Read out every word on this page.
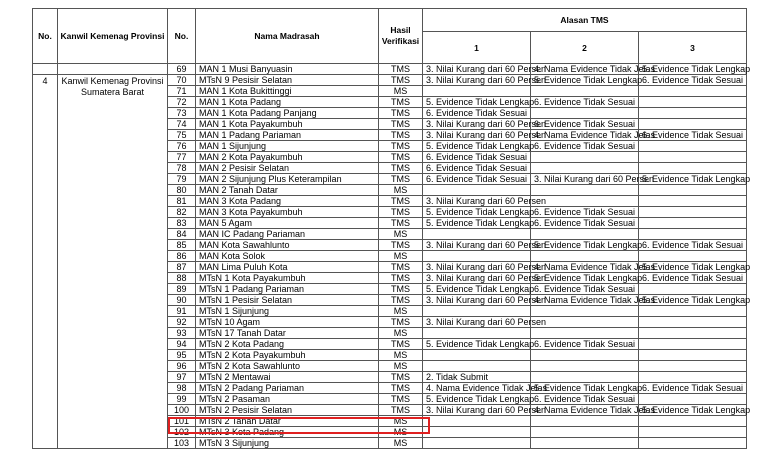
No.	Kanwil Kemenag Provinsi	No.	Nama Madrasah	Hasil Verifikasi	Alasan TMS		
					1	2	3
		69	MAN 1 Musi Banyuasin	TMS	3. Nilai Kurang dari 60 Persen	4. Nama Evidence Tidak Jelas	5. Evidence Tidak Lengkap
4	Kanwil Kemenag Provinsi Sumatera Barat	70	MTsN 9 Pesisir Selatan	TMS	3. Nilai Kurang dari 60 Persen	5. Evidence Tidak Lengkap	6. Evidence Tidak Sesuai
		71	MAN 1 Kota Bukittinggi	MS			
		72	MAN 1 Kota Padang	TMS	5. Evidence Tidak Lengkap	6. Evidence Tidak Sesuai	
		73	MAN 1 Kota Padang Panjang	TMS	6. Evidence Tidak Sesuai		
		74	MAN 1 Kota Payakumbuh	TMS	3. Nilai Kurang dari 60 Persen	6. Evidence Tidak Sesuai	
		75	MAN 1 Padang Pariaman	TMS	3. Nilai Kurang dari 60 Persen	4. Nama Evidence Tidak Jelas	6. Evidence Tidak Sesuai
		76	MAN 1 Sijunjung	TMS	5. Evidence Tidak Lengkap	6. Evidence Tidak Sesuai	
		77	MAN 2 Kota Payakumbuh	TMS	6. Evidence Tidak Sesuai		
		78	MAN 2 Pesisir Selatan	TMS	6. Evidence Tidak Sesuai		
		79	MAN 2 Sijunjung Plus Keterampilan	TMS	6. Evidence Tidak Sesuai	3. Nilai Kurang dari 60 Persen	5. Evidence Tidak Lengkap
		80	MAN 2 Tanah Datar	MS			
		81	MAN 3 Kota Padang	TMS	3. Nilai Kurang dari 60 Persen		
		82	MAN 3 Kota Payakumbuh	TMS	5. Evidence Tidak Lengkap	6. Evidence Tidak Sesuai	
		83	MAN 5 Agam	TMS	5. Evidence Tidak Lengkap	6. Evidence Tidak Sesuai	
		84	MAN IC Padang Pariaman	MS			
		85	MAN Kota Sawahlunto	TMS	3. Nilai Kurang dari 60 Persen	5. Evidence Tidak Lengkap	6. Evidence Tidak Sesuai
		86	MAN Kota Solok	MS			
		87	MAN Lima Puluh Kota	TMS	3. Nilai Kurang dari 60 Persen	4. Nama Evidence Tidak Jelas	5. Evidence Tidak Lengkap
		88	MTsN 1 Kota Payakumbuh	TMS	3. Nilai Kurang dari 60 Persen	5. Evidence Tidak Lengkap	6. Evidence Tidak Sesuai
		89	MTsN 1 Padang Pariaman	TMS	5. Evidence Tidak Lengkap	6. Evidence Tidak Sesuai	
		90	MTsN 1 Pesisir Selatan	TMS	3. Nilai Kurang dari 60 Persen	4. Nama Evidence Tidak Jelas	5. Evidence Tidak Lengkap
		91	MTsN 1 Sijunjung	MS			
		92	MTsN 10 Agam	TMS	3. Nilai Kurang dari 60 Persen		
		93	MTsN 17 Tanah Datar	MS			
		94	MTsN 2 Kota Padang	TMS	5. Evidence Tidak Lengkap	6. Evidence Tidak Sesuai	
		95	MTsN 2 Kota Payakumbuh	MS			
		96	MTsN 2 Kota Sawahlunto	MS			
		97	MTsN 2 Mentawai	TMS	2. Tidak Submit		
		98	MTsN 2 Padang Pariaman	TMS	4. Nama Evidence Tidak Jelas	5. Evidence Tidak Lengkap	6. Evidence Tidak Sesuai
		99	MTsN 2 Pasaman	TMS	5. Evidence Tidak Lengkap	6. Evidence Tidak Sesuai	
		100	MTsN 2 Pesisir Selatan	TMS	3. Nilai Kurang dari 60 Persen	4. Nama Evidence Tidak Jelas	5. Evidence Tidak Lengkap
		101	MTsN 2 Tanah Datar	MS			
		102	MTsN 3 Kota Padang	MS			
		103	MTsN 3 Sijunjung	MS			
